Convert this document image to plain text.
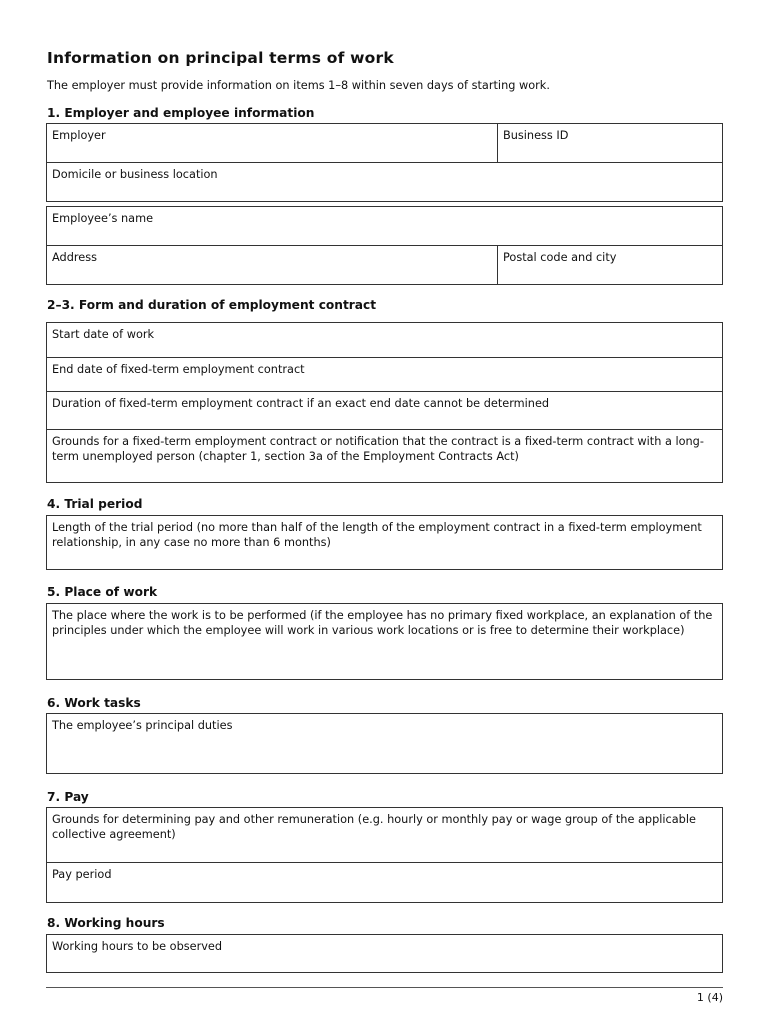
Information on principal terms of work
The employer must provide information on items 1–8 within seven days of starting work.
1. Employer and employee information
Employer	Business ID
Domicile or business location
Employee’s name
Address	Postal code and city
2–3. Form and duration of employment contract
Start date of work
End date of fixed-term employment contract
Duration of fixed-term employment contract if an exact end date cannot be determined
Grounds for a fixed-term employment contract or notification that the contract is a fixed-term contract with a long-term unemployed person (chapter 1, section 3a of the Employment Contracts Act)
4. Trial period
Length of the trial period (no more than half of the length of the employment contract in a fixed-term employment relationship, in any case no more than 6 months)
5. Place of work
The place where the work is to be performed (if the employee has no primary fixed workplace, an explanation of the principles under which the employee will work in various work locations or is free to determine their workplace)
6. Work tasks
The employee’s principal duties
7. Pay
Grounds for determining pay and other remuneration (e.g. hourly or monthly pay or wage group of the applicable collective agreement)
Pay period
8. Working hours
Working hours to be observed
1 (4)
